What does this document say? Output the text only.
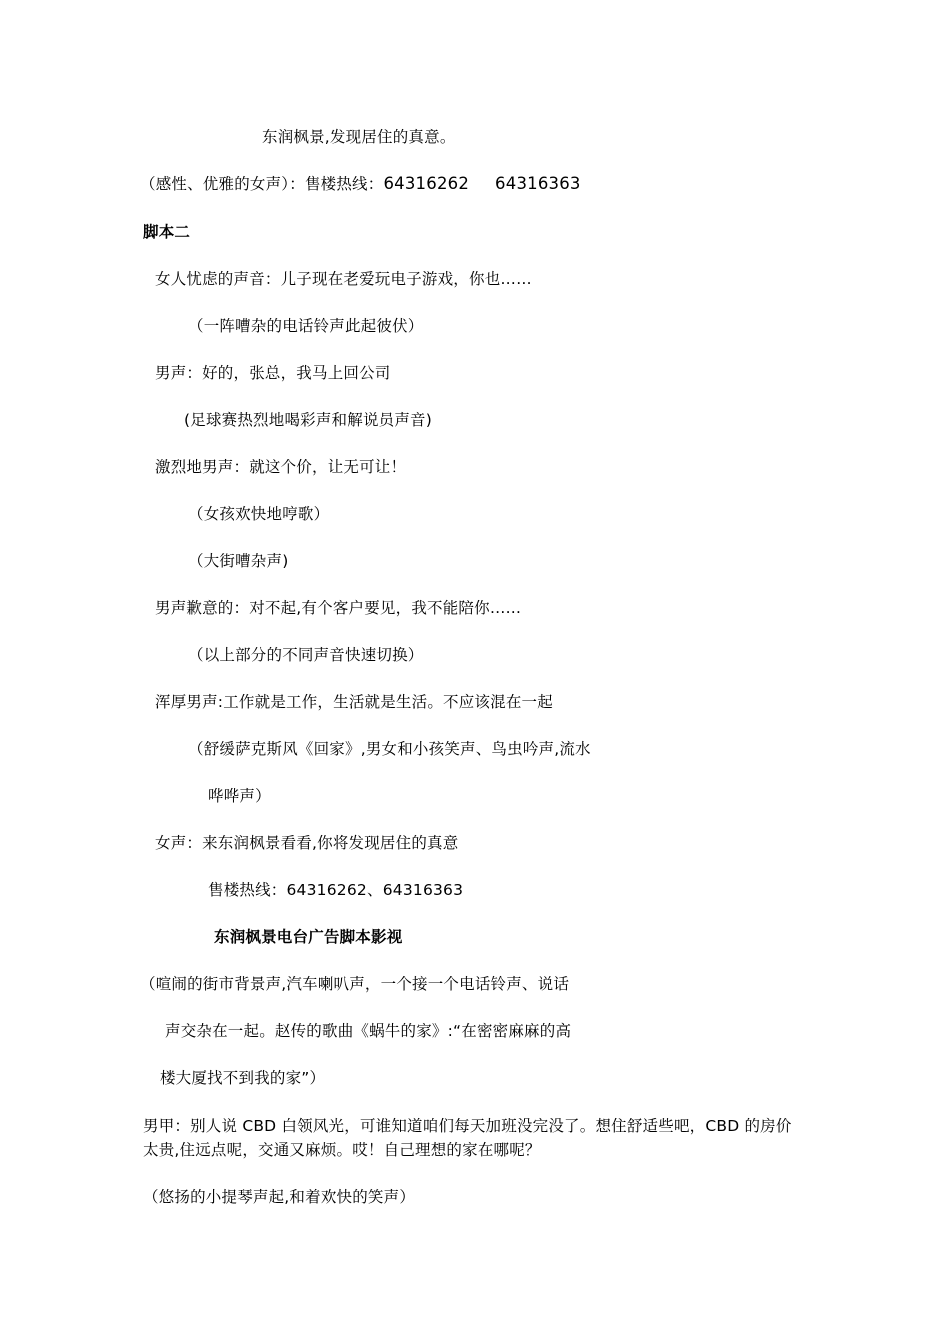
东润枫景,发现居住的真意。
（感性、优雅的女声）：售楼热线：64316262 64316363
脚本二
女人忧虑的声音：儿子现在老爱玩电子游戏，你也……
（一阵嘈杂的电话铃声此起彼伏）
男声：好的，张总，我马上回公司
(足球赛热烈地喝彩声和解说员声音)
激烈地男声：就这个价，让无可让！
（女孩欢快地哼歌）
（大街嘈杂声)
男声歉意的：对不起,有个客户要见，我不能陪你……
（以上部分的不同声音快速切换）
浑厚男声:工作就是工作，生活就是生活。不应该混在一起
（舒缓萨克斯风《回家》,男女和小孩笑声、鸟虫吟声,流水
哗哗声）
女声：来东润枫景看看,你将发现居住的真意
售楼热线：64316262、64316363
东润枫景电台广告脚本影视
（喧闹的街市背景声,汽车喇叭声，一个接一个电话铃声、说话
声交杂在一起。赵传的歌曲《蜗牛的家》:“在密密麻麻的高
楼大厦找不到我的家”）
男甲：别人说 CBD 白领风光，可谁知道咱们每天加班没完没了。想住舒适些吧，CBD 的房价太贵,住远点呢，交通又麻烦。哎！自己理想的家在哪呢？
（悠扬的小提琴声起,和着欢快的笑声）
